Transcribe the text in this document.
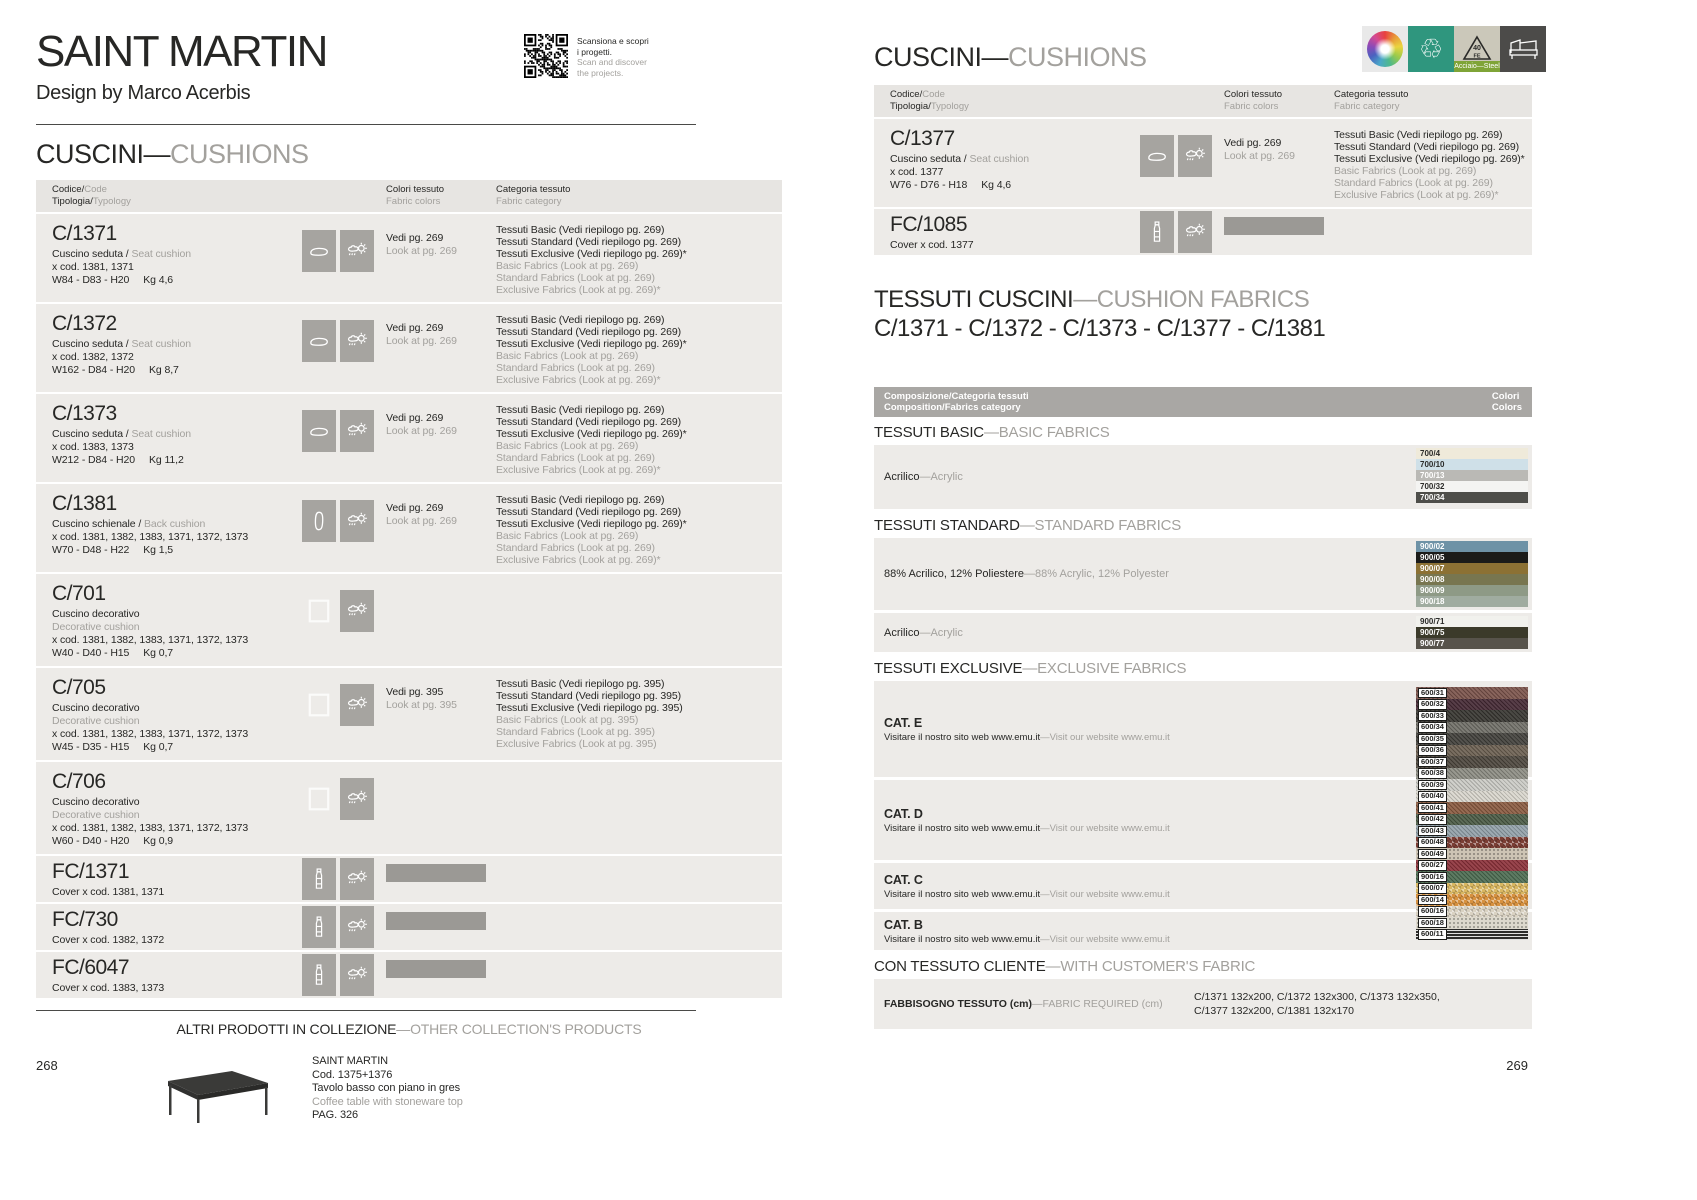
SAINT MARTIN

Design by Marco Acerbis

Scansiona e scopri
i progetti.
Scan and discover
the projects.
CUSCINI—CUSHIONS

Codice/Code

Tipologia/Typology

Colori tessuto

Fabric colors

Categoria tessuto

Fabric category

C/1371

Cuscino seduta / Seat cushion

x cod. 1381, 1371

W84 - D83 - H20 Kg 4,6

Vedi pg. 269

Look at pg. 269

Tessuti Basic (Vedi riepilogo pg. 269)

Tessuti Standard (Vedi riepilogo pg. 269)

Tessuti Exclusive (Vedi riepilogo pg. 269)*

Basic Fabrics (Look at pg. 269)

Standard Fabrics (Look at pg. 269)

Exclusive Fabrics (Look at pg. 269)*

C/1372

Cuscino seduta / Seat cushion

x cod. 1382, 1372

W162 - D84 - H20 Kg 8,7

Vedi pg. 269

Look at pg. 269

Tessuti Basic (Vedi riepilogo pg. 269)

Tessuti Standard (Vedi riepilogo pg. 269)

Tessuti Exclusive (Vedi riepilogo pg. 269)*

Basic Fabrics (Look at pg. 269)

Standard Fabrics (Look at pg. 269)

Exclusive Fabrics (Look at pg. 269)*

C/1373

Cuscino seduta / Seat cushion

x cod. 1383, 1373

W212 - D84 - H20 Kg 11,2

Vedi pg. 269

Look at pg. 269

Tessuti Basic (Vedi riepilogo pg. 269)

Tessuti Standard (Vedi riepilogo pg. 269)

Tessuti Exclusive (Vedi riepilogo pg. 269)*

Basic Fabrics (Look at pg. 269)

Standard Fabrics (Look at pg. 269)

Exclusive Fabrics (Look at pg. 269)*

C/1381

Cuscino schienale / Back cushion

x cod. 1381, 1382, 1383, 1371, 1372, 1373

W70 - D48 - H22 Kg 1,5

Vedi pg. 269

Look at pg. 269

Tessuti Basic (Vedi riepilogo pg. 269)

Tessuti Standard (Vedi riepilogo pg. 269)

Tessuti Exclusive (Vedi riepilogo pg. 269)*

Basic Fabrics (Look at pg. 269)

Standard Fabrics (Look at pg. 269)

Exclusive Fabrics (Look at pg. 269)*

C/701

Cuscino decorativo

Decorative cushion

x cod. 1381, 1382, 1383, 1371, 1372, 1373

W40 - D40 - H15 Kg 0,7

C/705

Cuscino decorativo

Decorative cushion

x cod. 1381, 1382, 1383, 1371, 1372, 1373

W45 - D35 - H15 Kg 0,7

Vedi pg. 395

Look at pg. 395

Tessuti Basic (Vedi riepilogo pg. 395)

Tessuti Standard (Vedi riepilogo pg. 395)

Tessuti Exclusive (Vedi riepilogo pg. 395)

Basic Fabrics (Look at pg. 395)

Standard Fabrics (Look at pg. 395)

Exclusive Fabrics (Look at pg. 395)

C/706

Cuscino decorativo

Decorative cushion

x cod. 1381, 1382, 1383, 1371, 1372, 1373

W60 - D40 - H20 Kg 0,9

FC/1371

Cover x cod. 1381, 1371

FC/730

Cover x cod. 1382, 1372

FC/6047

Cover x cod. 1383, 1373

ALTRI PRODOTTI IN COLLEZIONE—OTHER COLLECTION'S PRODUCTS

SAINT MARTIN

Cod. 1375+1376

Tavolo basso con piano in gres

Coffee table with stoneware top

PAG. 326

268
♲	40
FE
Acciaio—Steel
CUSCINI—CUSHIONS

Codice/Code

Tipologia/Typology

Colori tessuto

Fabric colors

Categoria tessuto

Fabric category

C/1377

Cuscino seduta / Seat cushion

x cod. 1377

W76 - D76 - H18 Kg 4,6

Vedi pg. 269

Look at pg. 269

Tessuti Basic (Vedi riepilogo pg. 269)

Tessuti Standard (Vedi riepilogo pg. 269)

Tessuti Exclusive (Vedi riepilogo pg. 269)*

Basic Fabrics (Look at pg. 269)

Standard Fabrics (Look at pg. 269)

Exclusive Fabrics (Look at pg. 269)*

FC/1085

Cover x cod. 1377

TESSUTI CUSCINI—CUSHION FABRICS
C/1371 - C/1372 - C/1373 - C/1377 - C/1381

Composizione/Categoria tessuti

Composition/Fabrics category

Colori

Colors

TESSUTI BASIC — BASIC FABRICS
Acrilico—Acrylic
700/4
700/10
700/13
700/32
700/34
TESSUTI STANDARD — STANDARD FABRICS
88% Acrilico, 12% Poliestere—88% Acrylic, 12% Polyester
900/02
900/05
900/07
900/08
900/09
900/18
Acrilico—Acrylic
900/71
900/75
900/77
TESSUTI EXCLUSIVE — EXCLUSIVE FABRICS
CAT. E

Visitare il nostro sito web www.emu.it—Visit our website www.emu.it

CAT. D

Visitare il nostro sito web www.emu.it—Visit our website www.emu.it

CAT. C

Visitare il nostro sito web www.emu.it—Visit our website www.emu.it

CAT. B

Visitare il nostro sito web www.emu.it—Visit our website www.emu.it

600/31
600/32
600/33
600/34
600/35
600/36
600/37
600/38
600/39
600/40
600/41
600/42
600/43
600/48
600/49
600/27
900/16
600/07
600/14
600/16
600/18
600/11
CON TESSUTO CLIENTE — WITH CUSTOMER'S FABRIC
FABBISOGNO TESSUTO (cm)—FABRIC REQUIRED (cm)
C/1371 132x200, C/1372 132x300, C/1373 132x350,
C/1377 132x200, C/1381 132x170
269
